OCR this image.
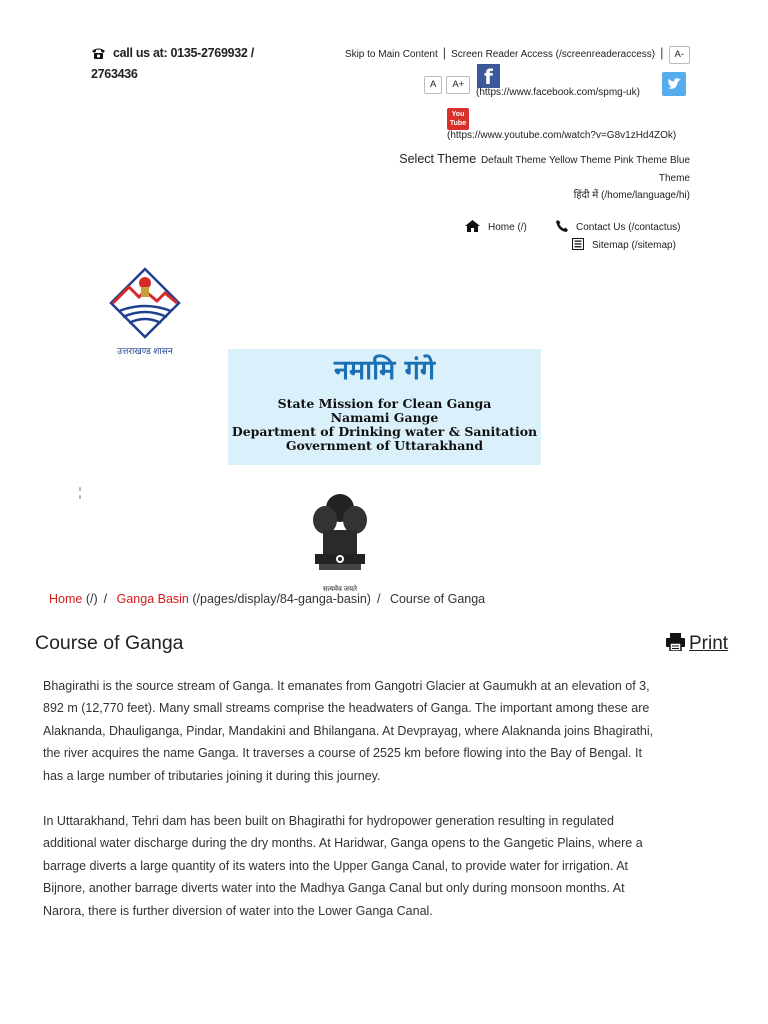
call us at: 0135-2769932 / 2763436
Skip to Main Content | Screen Reader Access (/screenreaderaccess) | A-
A A+ f
(https://www.facebook.com/spmg-uk)
You
Tube
(https://www.youtube.com/watch?v=G8v1zHd4ZOk)
Select Theme Default Theme Yellow Theme Pink Theme Blue Theme
हिंदी में (/home/language/hi)
Home (/)	Contact Us (/contactus)
Sitemap (/sitemap)
उत्तराखण्ड शासन
नमामि गंगे
State Mission for Clean Ganga
Namami Gange
Department of Drinking water & Sanitation
Government of Uttarakhand
॥
॥
सत्यमेव जयते
Home (/) / Ganga Basin (/pages/display/84-ganga-basin) / Course of Ganga
Course of Ganga	Print

Bhagirathi is the source stream of Ganga. It emanates from Gangotri Glacier at Gaumukh at an elevation of 3, 892 m (12,770 feet). Many small streams comprise the headwaters of Ganga. The important among these are Alaknanda, Dhauliganga, Pindar, Mandakini and Bhilangana. At Devprayag, where Alaknanda joins Bhagirathi, the river acquires the name Ganga. It traverses a course of 2525 km before flowing into the Bay of Bengal. It has a large number of tributaries joining it during this journey.

In Uttarakhand, Tehri dam has been built on Bhagirathi for hydropower generation resulting in regulated additional water discharge during the dry months. At Haridwar, Ganga opens to the Gangetic Plains, where a barrage diverts a large quantity of its waters into the Upper Ganga Canal, to provide water for irrigation. At Bijnore, another barrage diverts water into the Madhya Ganga Canal but only during monsoon months. At Narora, there is further diversion of water into the Lower Ganga Canal.
